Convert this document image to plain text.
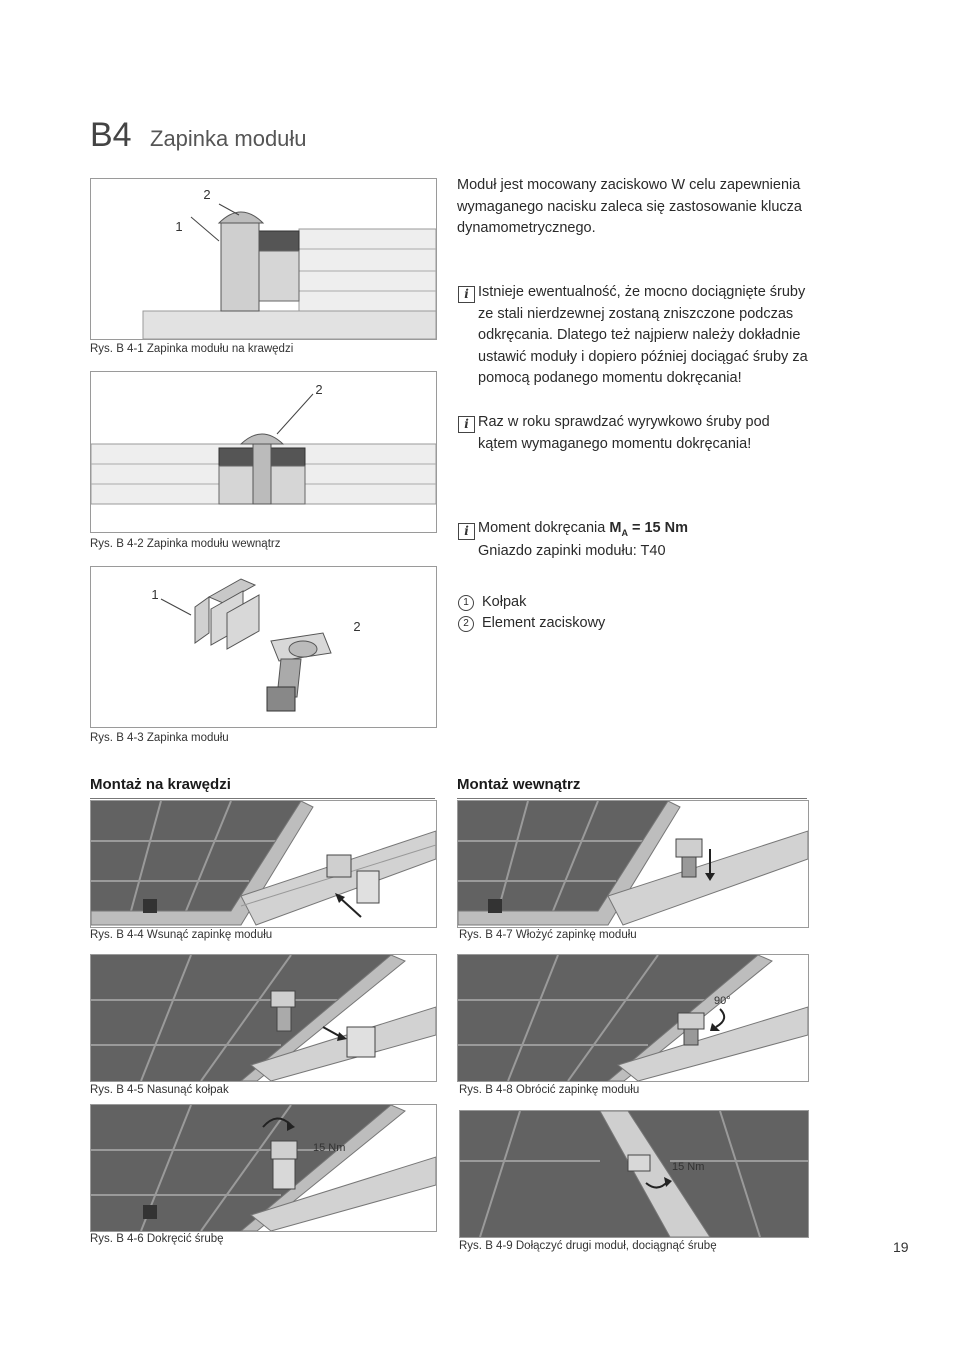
B4 Zapinka modułu
1
2
Rys. B 4-1 Zapinka modułu na krawędzi
2
Rys. B 4-2 Zapinka modułu wewnątrz
1
2
Rys. B 4-3 Zapinka modułu
Moduł jest mocowany zaciskowo W celu zapewnienia wymaganego nacisku zaleca się zastosowanie klucza dynamometrycznego.
i Istnieje ewentualność, że mocno dociągnięte śruby ze stali nierdzewnej zostaną zniszczone podczas odkręcania. Dlatego też najpierw należy dokładnie ustawić moduły i dopiero później dociągać śruby za pomocą podanego momentu dokręcania!
i Raz w roku sprawdzać wyrywkowo śruby pod kątem wymaganego momentu dokręcania!
i Moment dokręcania $M_A = 15$ Nm
Gniazdo zapinki modułu: T40
1 Kołpak
2 Element zaciskowy
Montaż na krawędzi	Montaż wewnątrz
Rys. B 4-4 Wsunąć zapinkę modułu	Rys. B 4-7 Włożyć zapinkę modułu
Rys. B 4-5 Nasunąć kołpak
90°
Rys. B 4-8 Obrócić zapinkę modułu
15 Nm
Rys. B 4-6 Dokręcić śrubę
15 Nm
Rys. B 4-9 Dołączyć drugi moduł, dociągnąć śrubę	19
